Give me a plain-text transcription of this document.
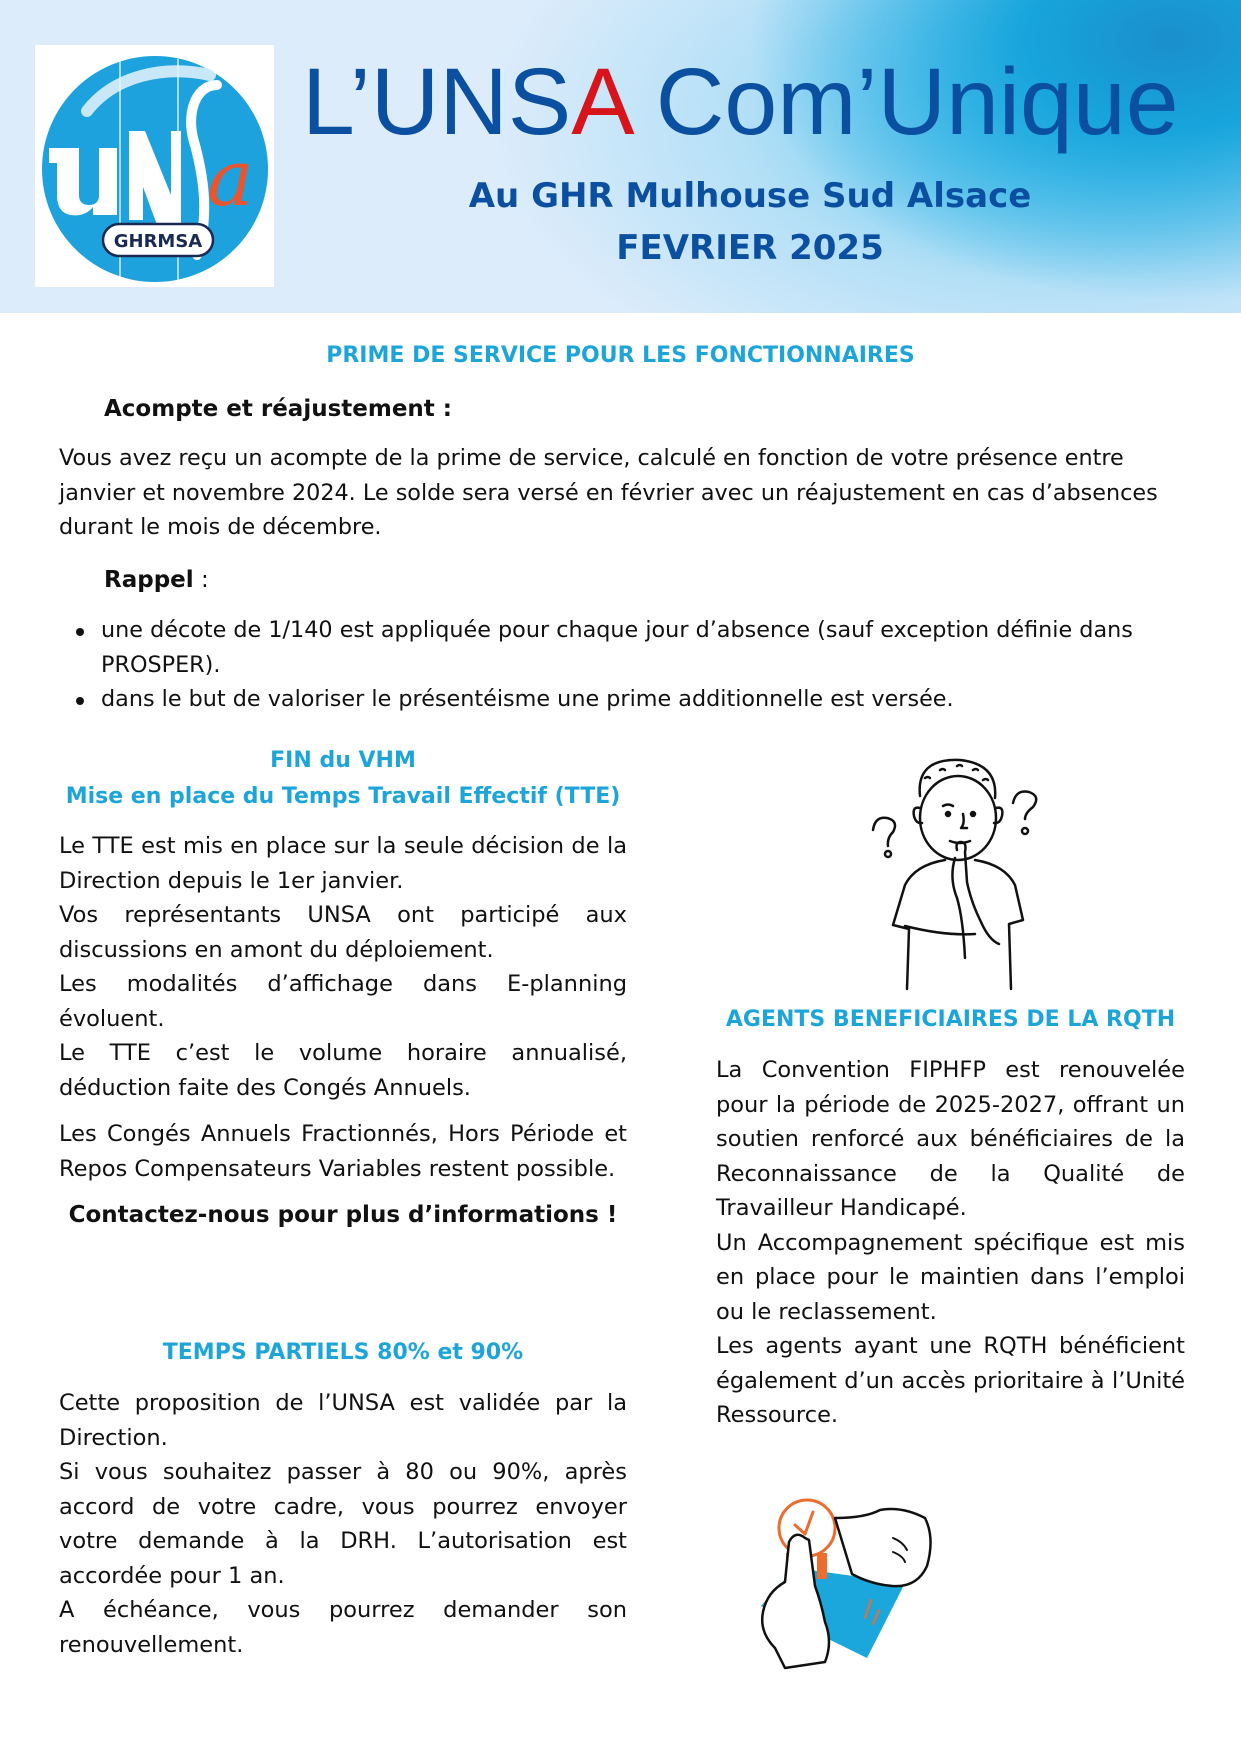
a
GHRMSA
L’UNSA Com’Unique
Au GHR Mulhouse Sud Alsace
FEVRIER 2025

PRIME DE SERVICE POUR LES FONCTIONNAIRES

Acompte et réajustement :

Vous avez reçu un acompte de la prime de service, calculé en fonction de votre présence entre janvier et novembre 2024. Le solde sera versé en février avec un réajustement en cas d’absences durant le mois de décembre.

Rappel :
une décote de 1/140 est appliquée pour chaque jour d’absence (sauf exception définie dans PROSPER).
dans le but de valoriser le présentéisme une prime additionnelle est versée.

FIN du VHM

Mise en place du Temps Travail Effectif (TTE)

Le TTE est mis en place sur la seule décision de la Direction depuis le 1er janvier.

Vos représentants UNSA ont participé aux discussions en amont du déploiement.

Les modalités d’affichage dans E-planning évoluent.

Le TTE c’est le volume horaire annualisé, déduction faite des Congés Annuels.

Les Congés Annuels Fractionnés, Hors Période et Repos Compensateurs Variables restent possible.

Contactez-nous pour plus d’informations !

TEMPS PARTIELS 80% et 90%

Cette proposition de l’UNSA est validée par la Direction.

Si vous souhaitez passer à 80 ou 90%, après accord de votre cadre, vous pourrez envoyer votre demande à la DRH. L’autorisation est accordée pour 1 an.

A échéance, vous pourrez demander son renouvellement.

AGENTS BENEFICIAIRES DE LA RQTH

La Convention FIPHFP est renouvelée pour la période de 2025-2027, offrant un soutien renforcé aux bénéficiaires de la Reconnaissance de la Qualité de Travailleur Handicapé.

Un Accompagnement spécifique est mis en place pour le maintien dans l’emploi ou le reclassement.

Les agents ayant une RQTH bénéficient également d’un accès prioritaire à l’Unité Ressource.
